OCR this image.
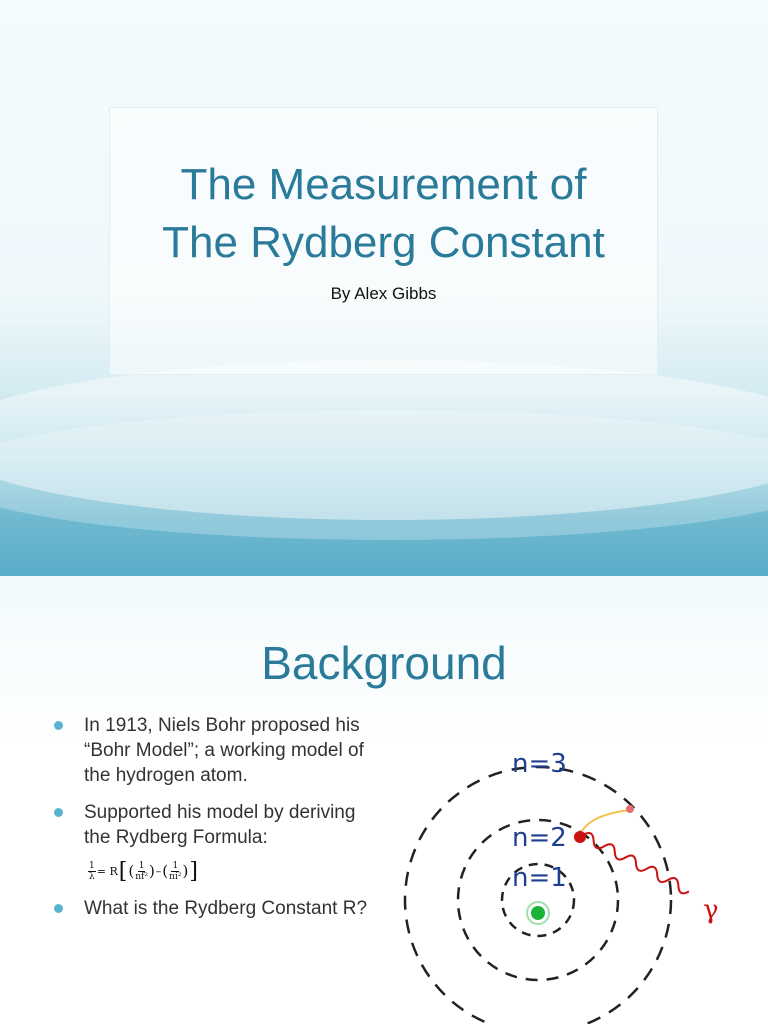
The Measurement of
The Rydberg Constant
By Alex Gibbs
Background
In 1913, Niels Bohr proposed his “Bohr Model”; a working model of the hydrogen atom.
Supported his model by deriving the Rydberg Formula:
$\frac{1}{\lambda} = R$ [ ( $\frac{1}{\text{nf²}}$ ) – ( $\frac{1}{\text{ni²}}$ ) ]
What is the Rydberg Constant R?
n=3
n=2
n=1
γ
